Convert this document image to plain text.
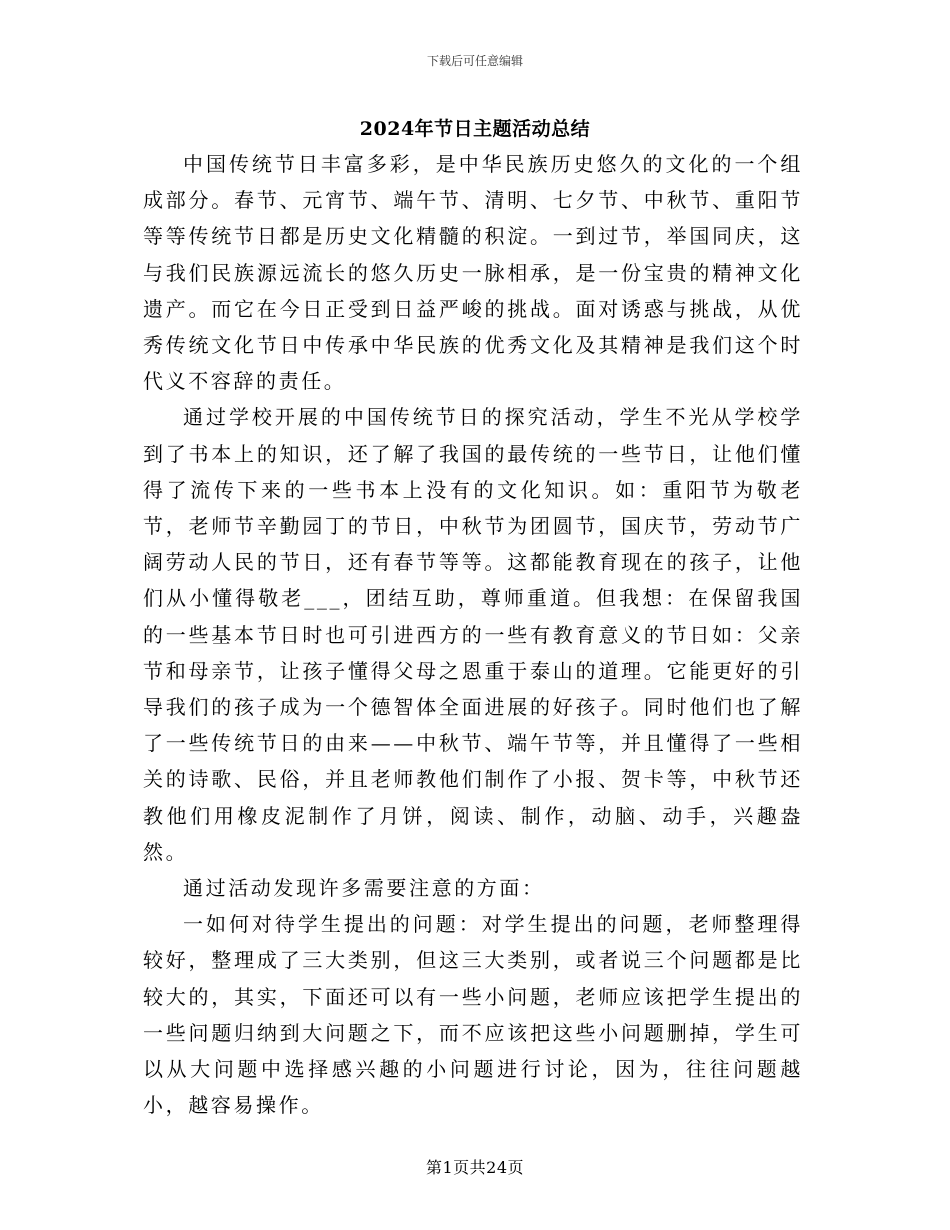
下载后可任意编辑
2024年节日主题活动总结

中国传统节日丰富多彩，是中华民族历史悠久的文化的一个组成部分。春节、元宵节、端午节、清明、七夕节、中秋节、重阳节等等传统节日都是历史文化精髓的积淀。一到过节，举国同庆，这与我们民族源远流长的悠久历史一脉相承，是一份宝贵的精神文化遗产。而它在今日正受到日益严峻的挑战。面对诱惑与挑战，从优秀传统文化节日中传承中华民族的优秀文化及其精神是我们这个时代义不容辞的责任。

通过学校开展的中国传统节日的探究活动，学生不光从学校学到了书本上的知识，还了解了我国的最传统的一些节日，让他们懂得了流传下来的一些书本上没有的文化知识。如：重阳节为敬老节，老师节辛勤园丁的节日，中秋节为团圆节，国庆节，劳动节广阔劳动人民的节日，还有春节等等。这都能教育现在的孩子，让他们从小懂得敬老___，团结互助，尊师重道。但我想：在保留我国的一些基本节日时也可引进西方的一些有教育意义的节日如：父亲节和母亲节，让孩子懂得父母之恩重于泰山的道理。它能更好的引导我们的孩子成为一个德智体全面进展的好孩子。同时他们也了解了一些传统节日的由来——中秋节、端午节等，并且懂得了一些相关的诗歌、民俗，并且老师教他们制作了小报、贺卡等，中秋节还教他们用橡皮泥制作了月饼，阅读、制作，动脑、动手，兴趣盎然。

通过活动发现许多需要注意的方面：

一如何对待学生提出的问题：对学生提出的问题，老师整理得较好，整理成了三大类别，但这三大类别，或者说三个问题都是比较大的，其实，下面还可以有一些小问题，老师应该把学生提出的一些问题归纳到大问题之下，而不应该把这些小问题删掉，学生可以从大问题中选择感兴趣的小问题进行讨论，因为，往往问题越小，越容易操作。

第1页共24页
